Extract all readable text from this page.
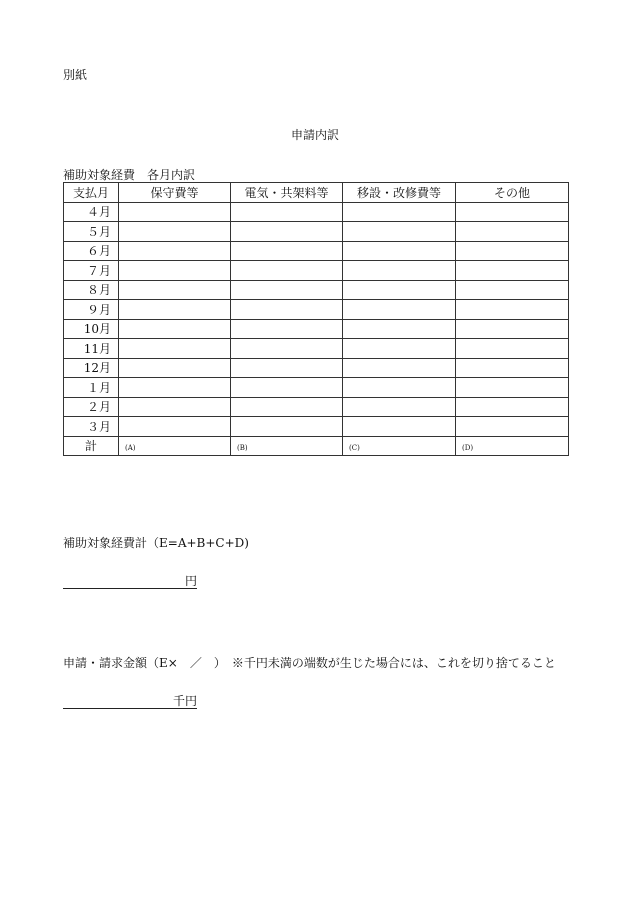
別紙
申請内訳
補助対象経費　各月内訳
支払月	保守費等	電気・共架料等	移設・改修費等	その他
４月				
５月				
６月				
７月				
８月				
９月				
10月				
11月				
12月				
１月				
２月				
３月				
計	(A)	(B)	(C)	(D)
補助対象経費計（E=A+B+C+D)
円
申請・請求金額（E×　／　）　※千円未満の端数が生じた場合には、これを切り捨てること
千円
